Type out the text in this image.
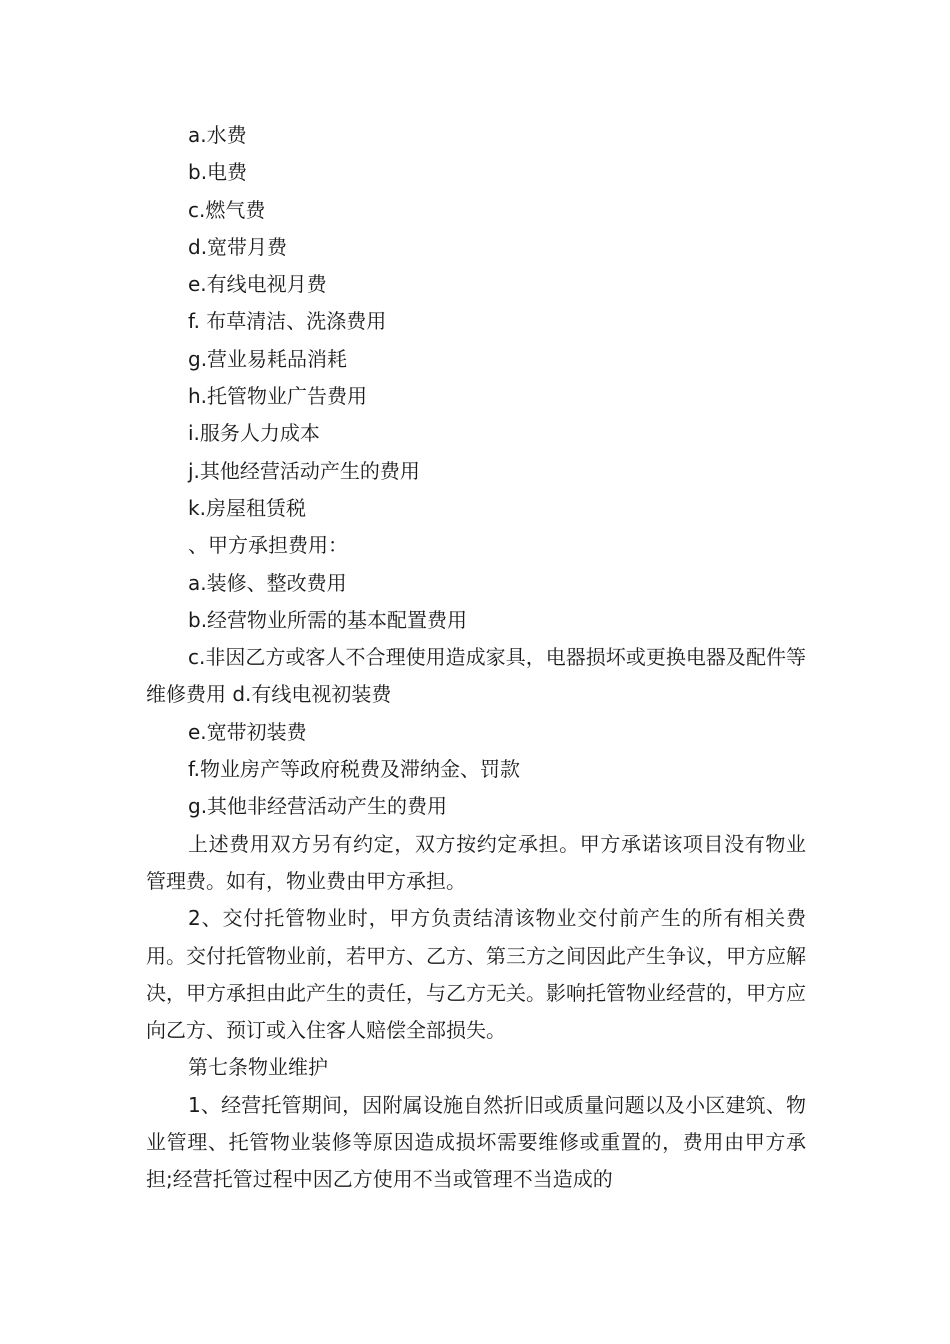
a.水费

b.电费

c.燃气费

d.宽带月费

e.有线电视月费

f. 布草清洁、洗涤费用

g.营业易耗品消耗

h.托管物业广告费用

i.服务人力成本

j.其他经营活动产生的费用

k.房屋租赁税

、甲方承担费用：

a.装修、整改费用

b.经营物业所需的基本配置费用

c.非因乙方或客人不合理使用造成家具，电器损坏或更换电器及配件等维修费用 d.有线电视初装费

e.宽带初装费

f.物业房产等政府税费及滞纳金、罚款

g.其他非经营活动产生的费用

上述费用双方另有约定，双方按约定承担。甲方承诺该项目没有物业管理费。如有，物业费由甲方承担。

2、交付托管物业时，甲方负责结清该物业交付前产生的所有相关费用。交付托管物业前，若甲方、乙方、第三方之间因此产生争议，甲方应解决，甲方承担由此产生的责任，与乙方无关。影响托管物业经营的，甲方应向乙方、预订或入住客人赔偿全部损失。

第七条物业维护

1、经营托管期间，因附属设施自然折旧或质量问题以及小区建筑、物业管理、托管物业装修等原因造成损坏需要维修或重置的，费用由甲方承担;经营托管过程中因乙方使用不当或管理不当造成的
